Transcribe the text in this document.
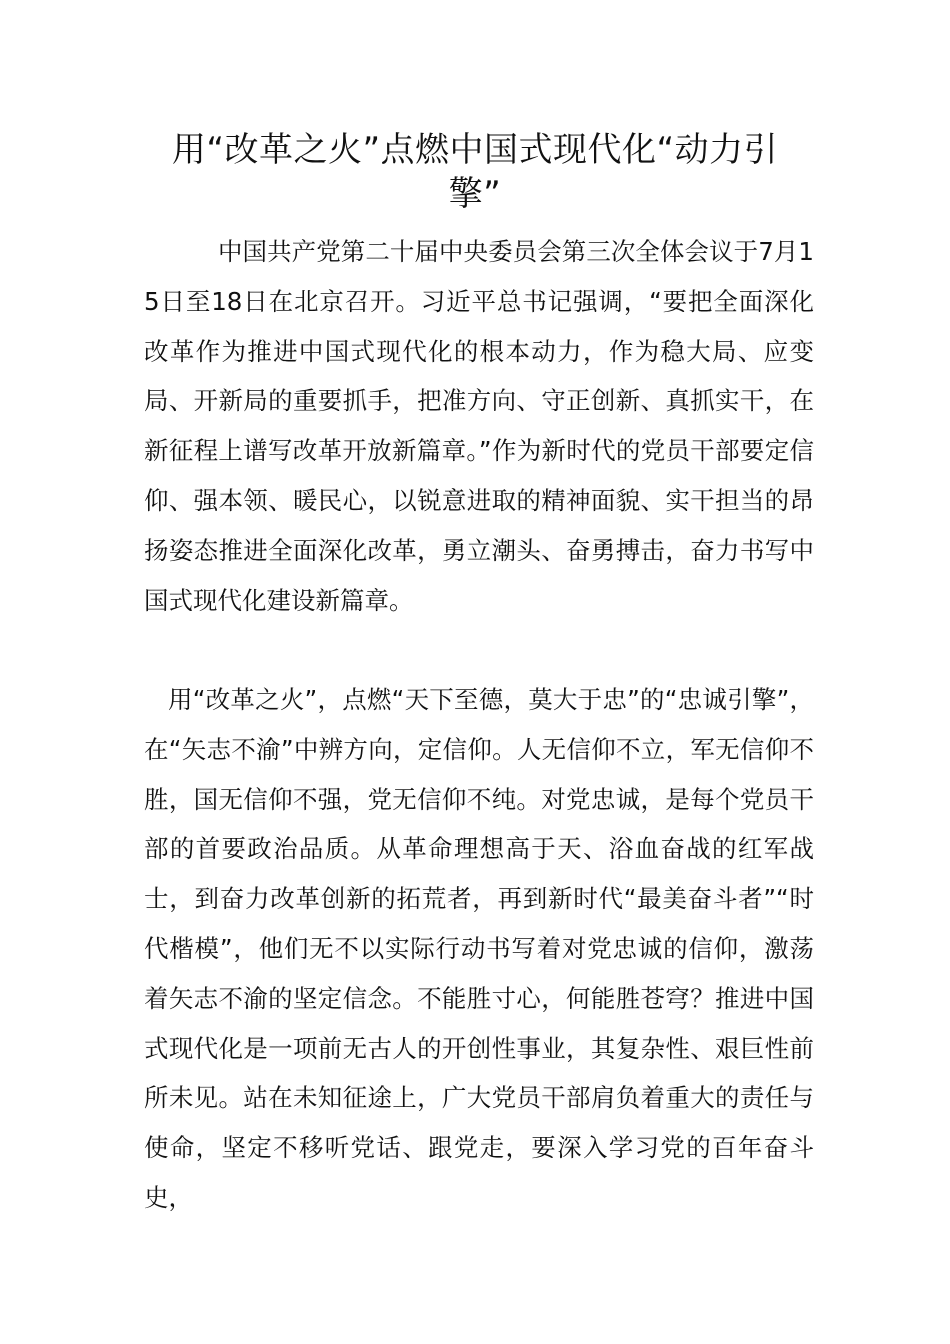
用“改革之火”点燃中国式现代化“动力引擎”

中国共产党第二十届中央委员会第三次全体会议于7月15日至18日在北京召开。习近平总书记强调，“要把全面深化改革作为推进中国式现代化的根本动力，作为稳大局、应变局、开新局的重要抓手，把准方向、守正创新、真抓实干，在新征程上谱写改革开放新篇章。”作为新时代的党员干部要定信仰、强本领、暖民心，以锐意进取的精神面貌、实干担当的昂扬姿态推进全面深化改革，勇立潮头、奋勇搏击，奋力书写中国式现代化建设新篇章。

用“改革之火”，点燃“天下至德，莫大于忠”的“忠诚引擎”，在“矢志不渝”中辨方向，定信仰。人无信仰不立，军无信仰不胜，国无信仰不强，党无信仰不纯。对党忠诚，是每个党员干部的首要政治品质。从革命理想高于天、浴血奋战的红军战士，到奋力改革创新的拓荒者，再到新时代“最美奋斗者”“时代楷模”，他们无不以实际行动书写着对党忠诚的信仰，激荡着矢志不渝的坚定信念。不能胜寸心，何能胜苍穹？推进中国式现代化是一项前无古人的开创性事业，其复杂性、艰巨性前所未见。站在未知征途上，广大党员干部肩负着重大的责任与使命，坚定不移听党话、跟党走，要深入学习党的百年奋斗史，
